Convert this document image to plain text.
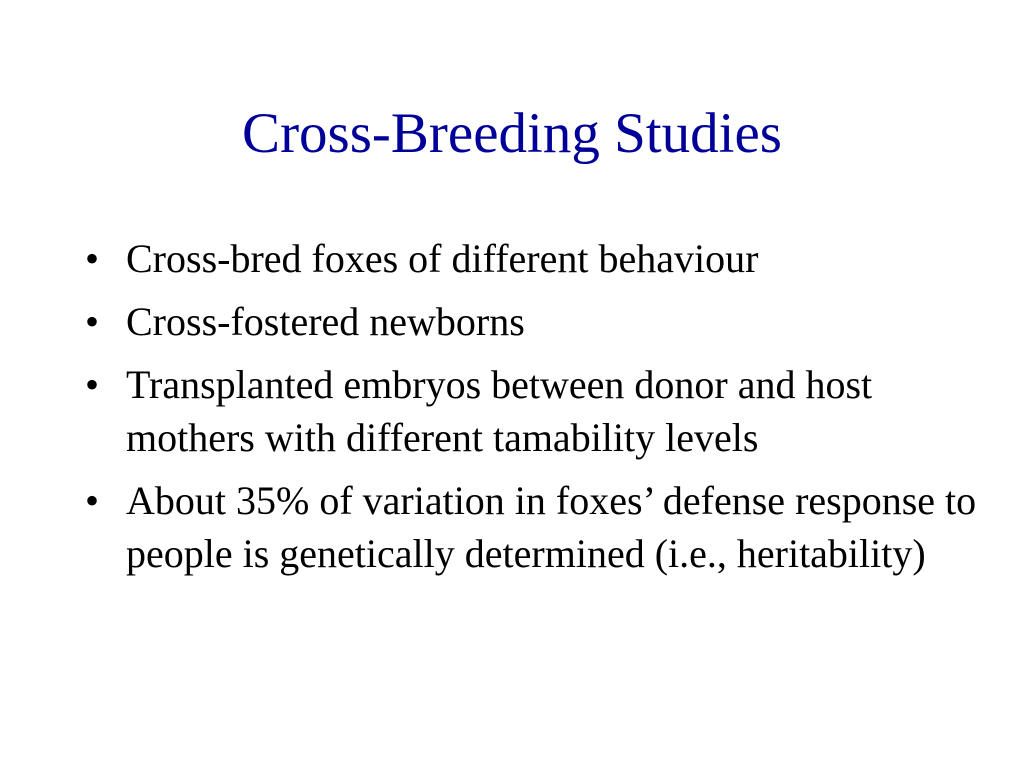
Cross-Breeding Studies
• Cross-bred foxes of different behaviour
• Cross-fostered newborns
• Transplanted embryos between donor and host mothers with different tamability levels
• About 35% of variation in foxes’ defense response to people is genetically determined (i.e., heritability)
